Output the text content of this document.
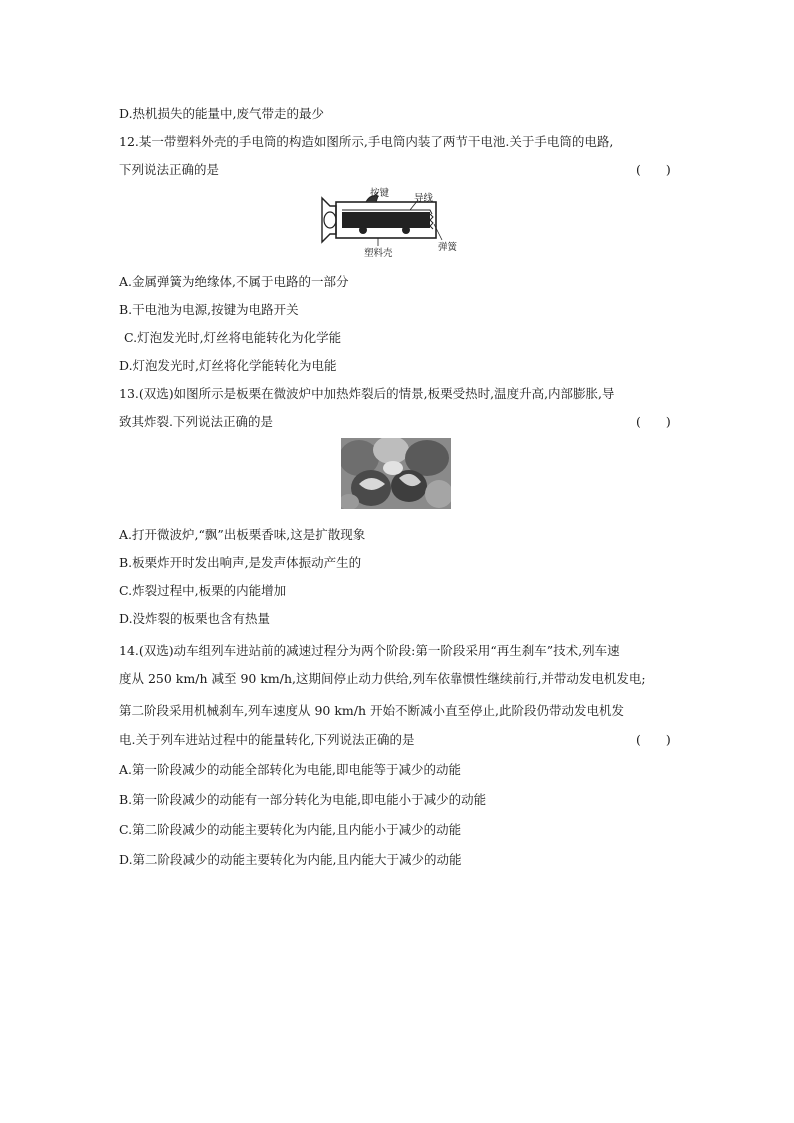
D.热机损失的能量中,废气带走的最少
12.某一带塑料外壳的手电筒的构造如图所示,手电筒内装了两节干电池.关于手电筒的电路,
下列说法正确的是	(　　)
按键	导线
塑料壳
弹簧
A.金属弹簧为绝缘体,不属于电路的一部分
B.干电池为电源,按键为电路开关
C.灯泡发光时,灯丝将电能转化为化学能
D.灯泡发光时,灯丝将化学能转化为电能
13.(双选)如图所示是板栗在微波炉中加热炸裂后的情景,板栗受热时,温度升高,内部膨胀,导
致其炸裂.下列说法正确的是	(　　)
A.打开微波炉,“飘”出板栗香味,这是扩散现象
B.板栗炸开时发出响声,是发声体振动产生的
C.炸裂过程中,板栗的内能增加
D.没炸裂的板栗也含有热量
14.(双选)动车组列车进站前的减速过程分为两个阶段:第一阶段采用“再生刹车”技术,列车速
度从 250 km/h 减至 90 km/h,这期间停止动力供给,列车依靠惯性继续前行,并带动发电机发电;
第二阶段采用机械刹车,列车速度从 90 km/h 开始不断减小直至停止,此阶段仍带动发电机发
电.关于列车进站过程中的能量转化,下列说法正确的是	(　　)
A.第一阶段减少的动能全部转化为电能,即电能等于减少的动能
B.第一阶段减少的动能有一部分转化为电能,即电能小于减少的动能
C.第二阶段减少的动能主要转化为内能,且内能小于减少的动能
D.第二阶段减少的动能主要转化为内能,且内能大于减少的动能
